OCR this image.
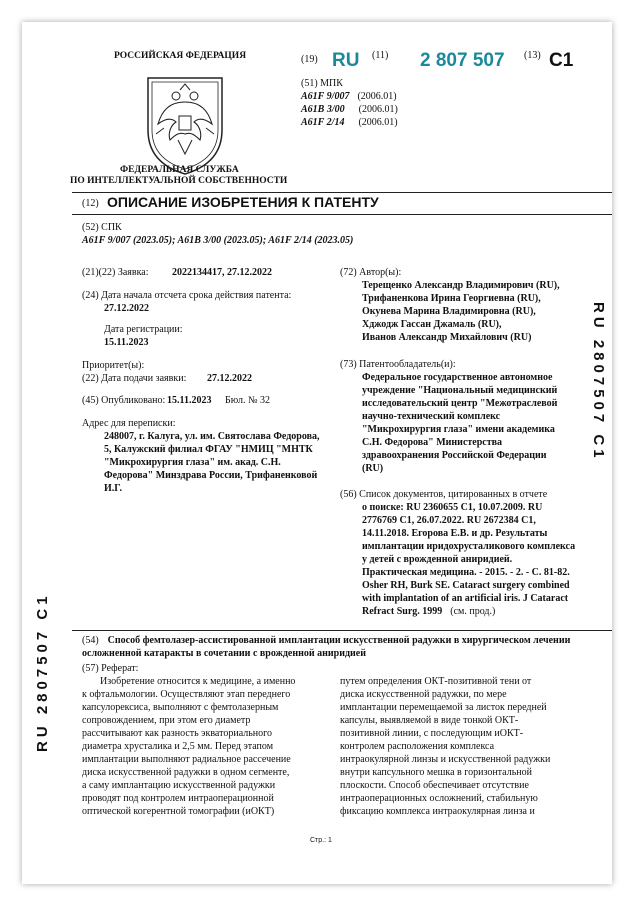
РОССИЙСКАЯ ФЕДЕРАЦИЯ
ФЕДЕРАЛЬНАЯ СЛУЖБА
ПО ИНТЕЛЛЕКТУАЛЬНОЙ СОБСТВЕННОСТИ
(19) RU (11) 2 807 507 (13) C1
(51) МПК
A61F 9/007 (2006.01)
A61B 3/00 (2006.01)
A61F 2/14 (2006.01)
(12) ОПИСАНИЕ ИЗОБРЕТЕНИЯ К ПАТЕНТУ
(52) СПК
A61F 9/007 (2023.05); A61B 3/00 (2023.05); A61F 2/14 (2023.05)
(21)(22) Заявка: 2022134417, 27.12.2022
(24) Дата начала отсчета срока действия патента:
27.12.2022
Дата регистрации:
15.11.2023
Приоритет(ы):
(22) Дата подачи заявки: 27.12.2022
(45) Опубликовано: 15.11.2023 Бюл. № 32
Адрес для переписки:
248007, г. Калуга, ул. им. Святослава Федорова,
5, Калужский филиал ФГАУ "НМИЦ "МНТК
"Микрохирургия глаза" им. акад. С.Н.
Федорова" Минздрава России, Трифаненковой
И.Г.
(72) Автор(ы):
Терещенко Александр Владимирович (RU),
Трифаненкова Ирина Георгиевна (RU),
Окунева Марина Владимировна (RU),
Хджодж Гассан Джамаль (RU),
Иванов Александр Михайлович (RU)
(73) Патентообладатель(и):
Федеральное государственное автономное
учреждение "Национальный медицинский
исследовательский центр "Межотраслевой
научно-технический комплекс
"Микрохирургия глаза" имени академика
С.Н. Федорова" Министерства
здравоохранения Российской Федерации
(RU)
(56) Список документов, цитированных в отчете
о поиске: RU 2360655 C1, 10.07.2009. RU
2776769 C1, 26.07.2022. RU 2672384 C1,
14.11.2018. Егорова Е.В. и др. Результаты
имплантации иридохрусталикового комплекса
у детей с врожденной аниридией.
Практическая медицина. - 2015. - 2. - С. 81-82.
Osher RH, Burk SE. Cataract surgery combined
with implantation of an artificial iris. J Cataract
Refract Surg. 1999 (см. прод.)
RU 2807507 C1
RU 2807507 C1	(54) Способ фемтолазер-ассистированной имплантации искусственной радужки в хирургическом лечении осложненной катаракты в сочетании с врожденной аниридией
(57) Реферат:
Изобретение относится к медицине, а именно
к офтальмологии. Осуществляют этап переднего
капсулорексиса, выполняют с фемтолазерным
сопровождением, при этом его диаметр
рассчитывают как разность экваториального
диаметра хрусталика и 2,5 мм. Перед этапом
имплантации выполняют радиальное рассечение
диска искусственной радужки в одном сегменте,
а саму имплантацию искусственной радужки
проводят под контролем интраоперационной
оптической когерентной томографии (иОКТ)
путем определения ОКТ-позитивной тени от
диска искусственной радужки, по мере
имплантации перемещаемой за листок передней
капсулы, выявляемой в виде тонкой ОКТ-
позитивной линии, с последующим иОКТ-
контролем расположения комплекса
интраокулярной линзы и искусственной радужки
внутри капсульного мешка в горизонтальной
плоскости. Способ обеспечивает отсутствие
интраоперационных осложнений, стабильную
фиксацию комплекса интраокулярная линза и
Стр.: 1
